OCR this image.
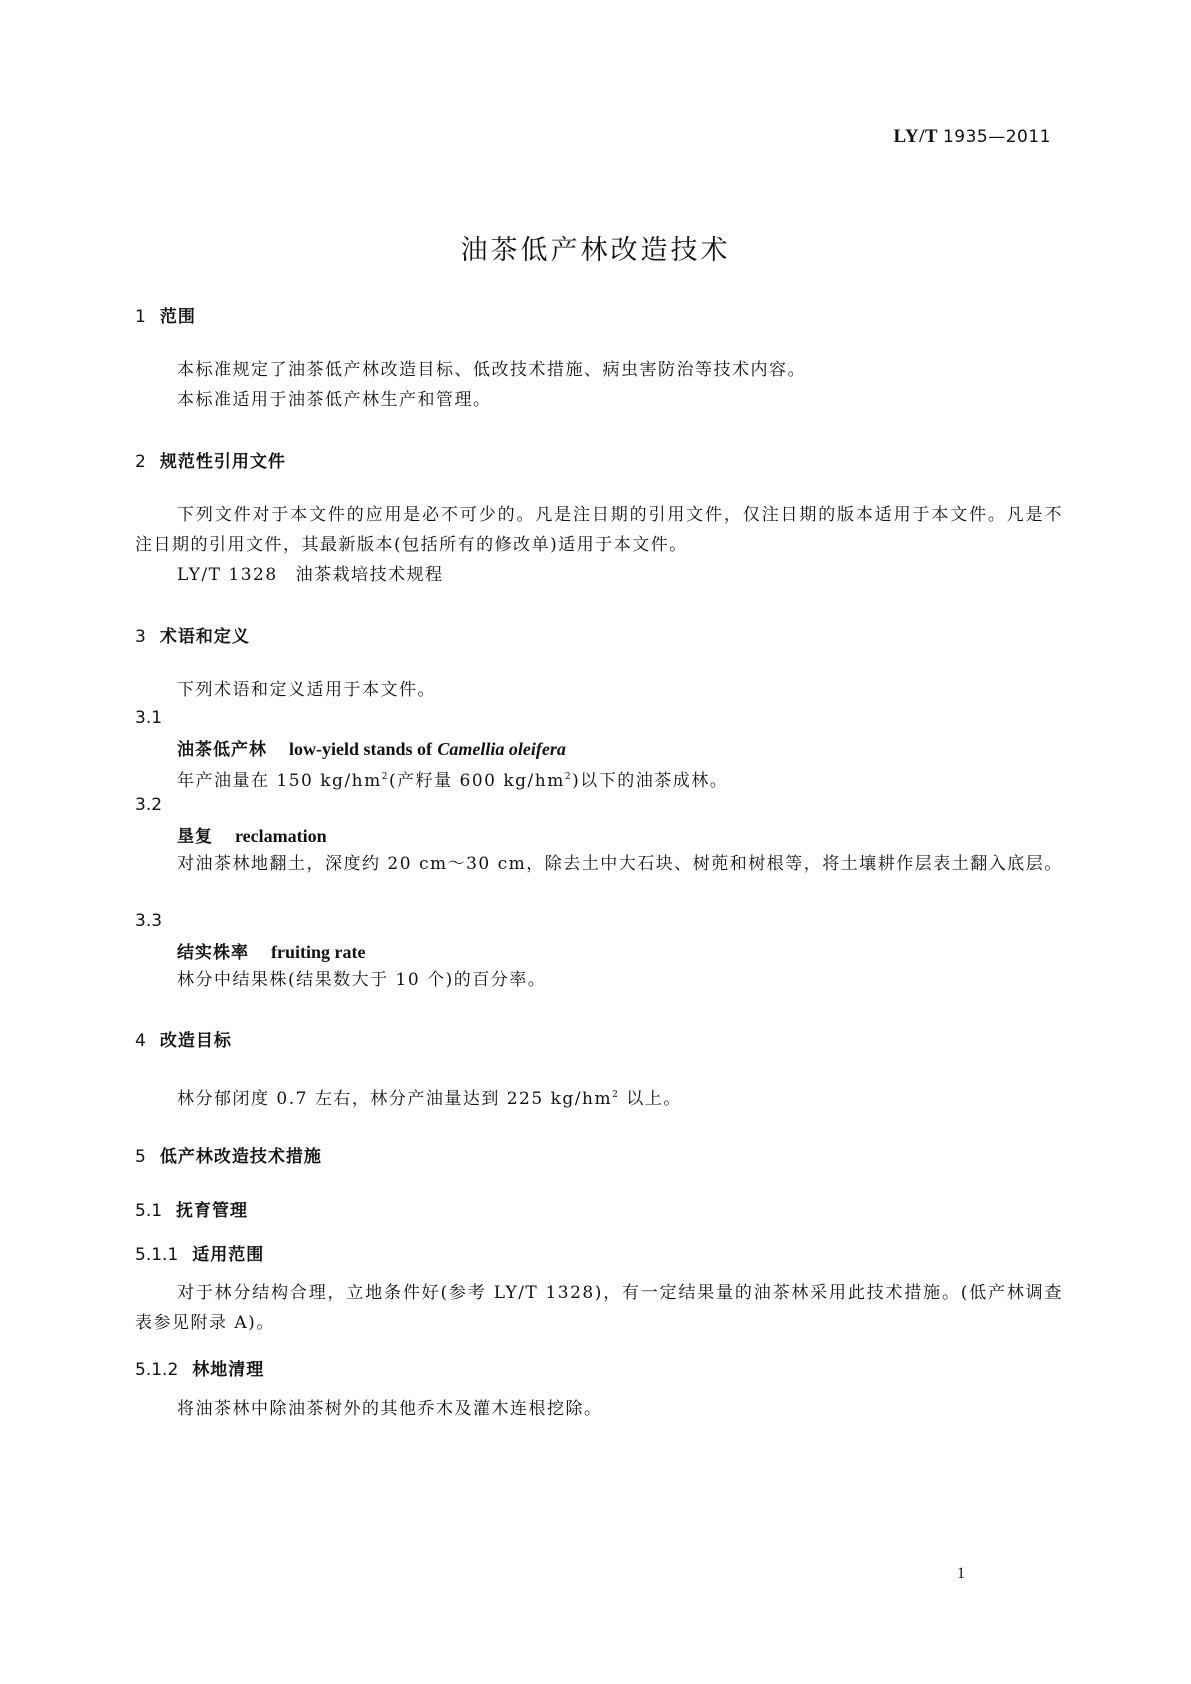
LY/T 1935—2011
油茶低产林改造技术
1 范围
本标准规定了油茶低产林改造目标、低改技术措施、病虫害防治等技术内容。
本标准适用于油茶低产林生产和管理。
2 规范性引用文件
下列文件对于本文件的应用是必不可少的。凡是注日期的引用文件，仅注日期的版本适用于本文件。凡是不注日期的引用文件，其最新版本(包括所有的修改单)适用于本文件。
LY/T 1328 油茶栽培技术规程
3 术语和定义
下列术语和定义适用于本文件。
3.1
油茶低产林 low-yield stands of Camellia oleifera
年产油量在 150 $kg/hm^2$(产籽量 600 $kg/hm^2$)以下的油茶成林。
3.2
垦复 reclamation
对油茶林地翻土，深度约 20 cm～30 cm，除去土中大石块、树蔸和树根等，将土壤耕作层表土翻入底层。
3.3
结实株率 fruiting rate
林分中结果株(结果数大于 10 个)的百分率。
4 改造目标
林分郁闭度 0.7 左右，林分产油量达到 225 $kg/hm^2$ 以上。
5 低产林改造技术措施
5.1 抚育管理
5.1.1 适用范围
对于林分结构合理，立地条件好(参考 LY/T 1328)，有一定结果量的油茶林采用此技术措施。(低产林调查表参见附录 A)。
5.1.2 林地清理
将油茶林中除油茶树外的其他乔木及灌木连根挖除。
1
